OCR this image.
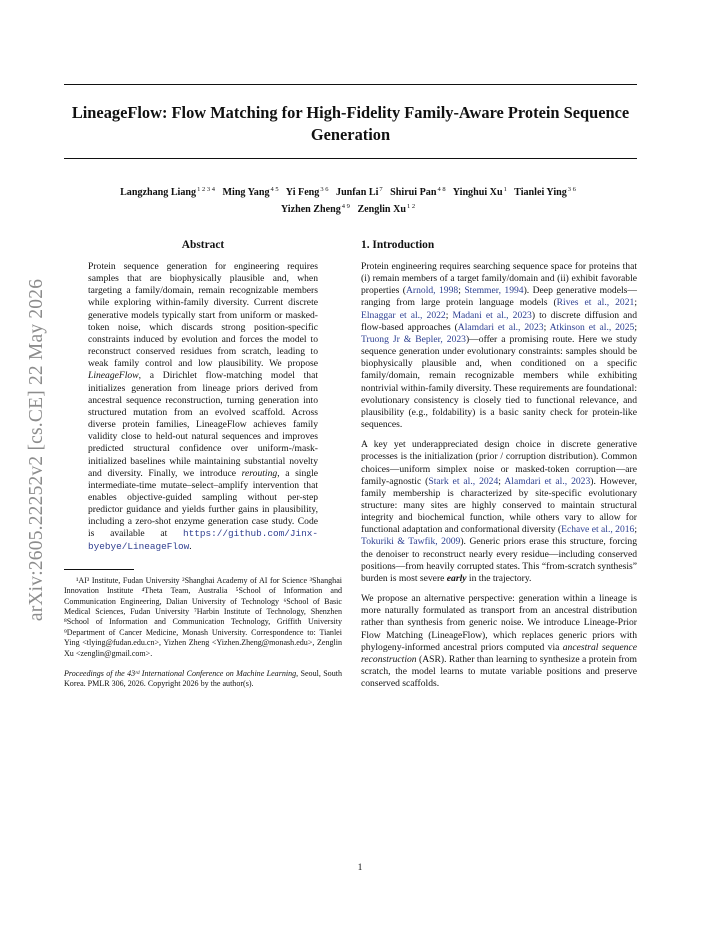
arXiv:2605.22252v2 [cs.CE] 22 May 2026
LineageFlow: Flow Matching for High-Fidelity Family-Aware Protein Sequence Generation
Langzhang Liang$^{1 2 3 4}$ Ming Yang$^{4 5}$ Yi Feng$^{3 6}$ Junfan Li$^7$ Shirui Pan$^{4 8}$ Yinghui Xu$^1$ Tianlei Ying$^{3 6}$
Yizhen Zheng$^{4 9}$ Zenglin $Xu^{1 2}$
Abstract

Protein sequence generation for engineering requires samples that are biophysically plausible and, when targeting a family/domain, remain recognizable members while exploring within-family diversity. Current discrete generative models typically start from uniform or masked-token noise, which discards strong position-specific constraints induced by evolution and forces the model to reconstruct conserved residues from scratch, leading to weak family control and low plausibility. We propose LineageFlow, a Dirichlet flow-matching model that initializes generation from lineage priors derived from ancestral sequence reconstruction, turning generation into structured mutation from an evolved scaffold. Across diverse protein families, LineageFlow achieves family validity close to held-out natural sequences and improves predicted structural confidence over uniform-/mask-initialized baselines while maintaining substantial novelty and diversity. Finally, we introduce rerouting, a single intermediate-time mutate–select–amplify intervention that enables objective-guided sampling without per-step predictor guidance and yields further gains in plausibility, including a zero-shot enzyme generation case study. Code is available at https://github.com/Jinx-byebye/LineageFlow.

¹AI³ Institute, Fudan University ²Shanghai Academy of AI for Science ³Shanghai Innovation Institute ⁴Theta Team, Australia ⁵School of Information and Communication Engineering, Dalian University of Technology ⁶School of Basic Medical Sciences, Fudan University ⁷Harbin Institute of Technology, Shenzhen ⁸School of Information and Communication Technology, Griffith University ⁹Department of Cancer Medicine, Monash University. Correspondence to: Tianlei Ying <tlying@fudan.edu.cn>, Yizhen Zheng <Yizhen.Zheng@monash.edu>, Zenglin Xu <zenglin@gmail.com>.

Proceedings of the 43ʳᵈ International Conference on Machine Learning, Seoul, South Korea. PMLR 306, 2026. Copyright 2026 by the author(s).

1. Introduction

Protein engineering requires searching sequence space for proteins that (i) remain members of a target family/domain and (ii) exhibit favorable properties (Arnold, 1998; Stemmer, 1994). Deep generative models—ranging from large protein language models (Rives et al., 2021; Elnaggar et al., 2022; Madani et al., 2023) to discrete diffusion and flow-based approaches (Alamdari et al., 2023; Atkinson et al., 2025; Truong Jr & Bepler, 2023)—offer a promising route. Here we study sequence generation under evolutionary constraints: samples should be biophysically plausible and, when conditioned on a specific family/domain, remain recognizable members while exhibiting nontrivial within-family diversity. These requirements are foundational: evolutionary consistency is closely tied to functional relevance, and plausibility (e.g., foldability) is a basic sanity check for protein-like sequences.

A key yet underappreciated design choice in discrete generative processes is the initialization (prior / corruption distribution). Common choices—uniform simplex noise or masked-token corruption—are family-agnostic (Stark et al., 2024; Alamdari et al., 2023). However, family membership is characterized by site-specific evolutionary structure: many sites are highly conserved to maintain structural integrity and biochemical function, while others vary to allow for functional adaptation and conformational diversity (Echave et al., 2016; Tokuriki & Tawfik, 2009). Generic priors erase this structure, forcing the denoiser to reconstruct nearly every residue—including conserved positions—from heavily corrupted states. This “from-scratch synthesis” burden is most severe early in the trajectory.

We propose an alternative perspective: generation within a lineage is more naturally formulated as transport from an ancestral distribution rather than synthesis from generic noise. We introduce Lineage-Prior Flow Matching (LineageFlow), which replaces generic priors with phylogeny-informed ancestral priors computed via ancestral sequence reconstruction (ASR). Rather than learning to synthesize a protein from scratch, the model learns to mutate variable positions and preserve conserved scaffolds.

1
